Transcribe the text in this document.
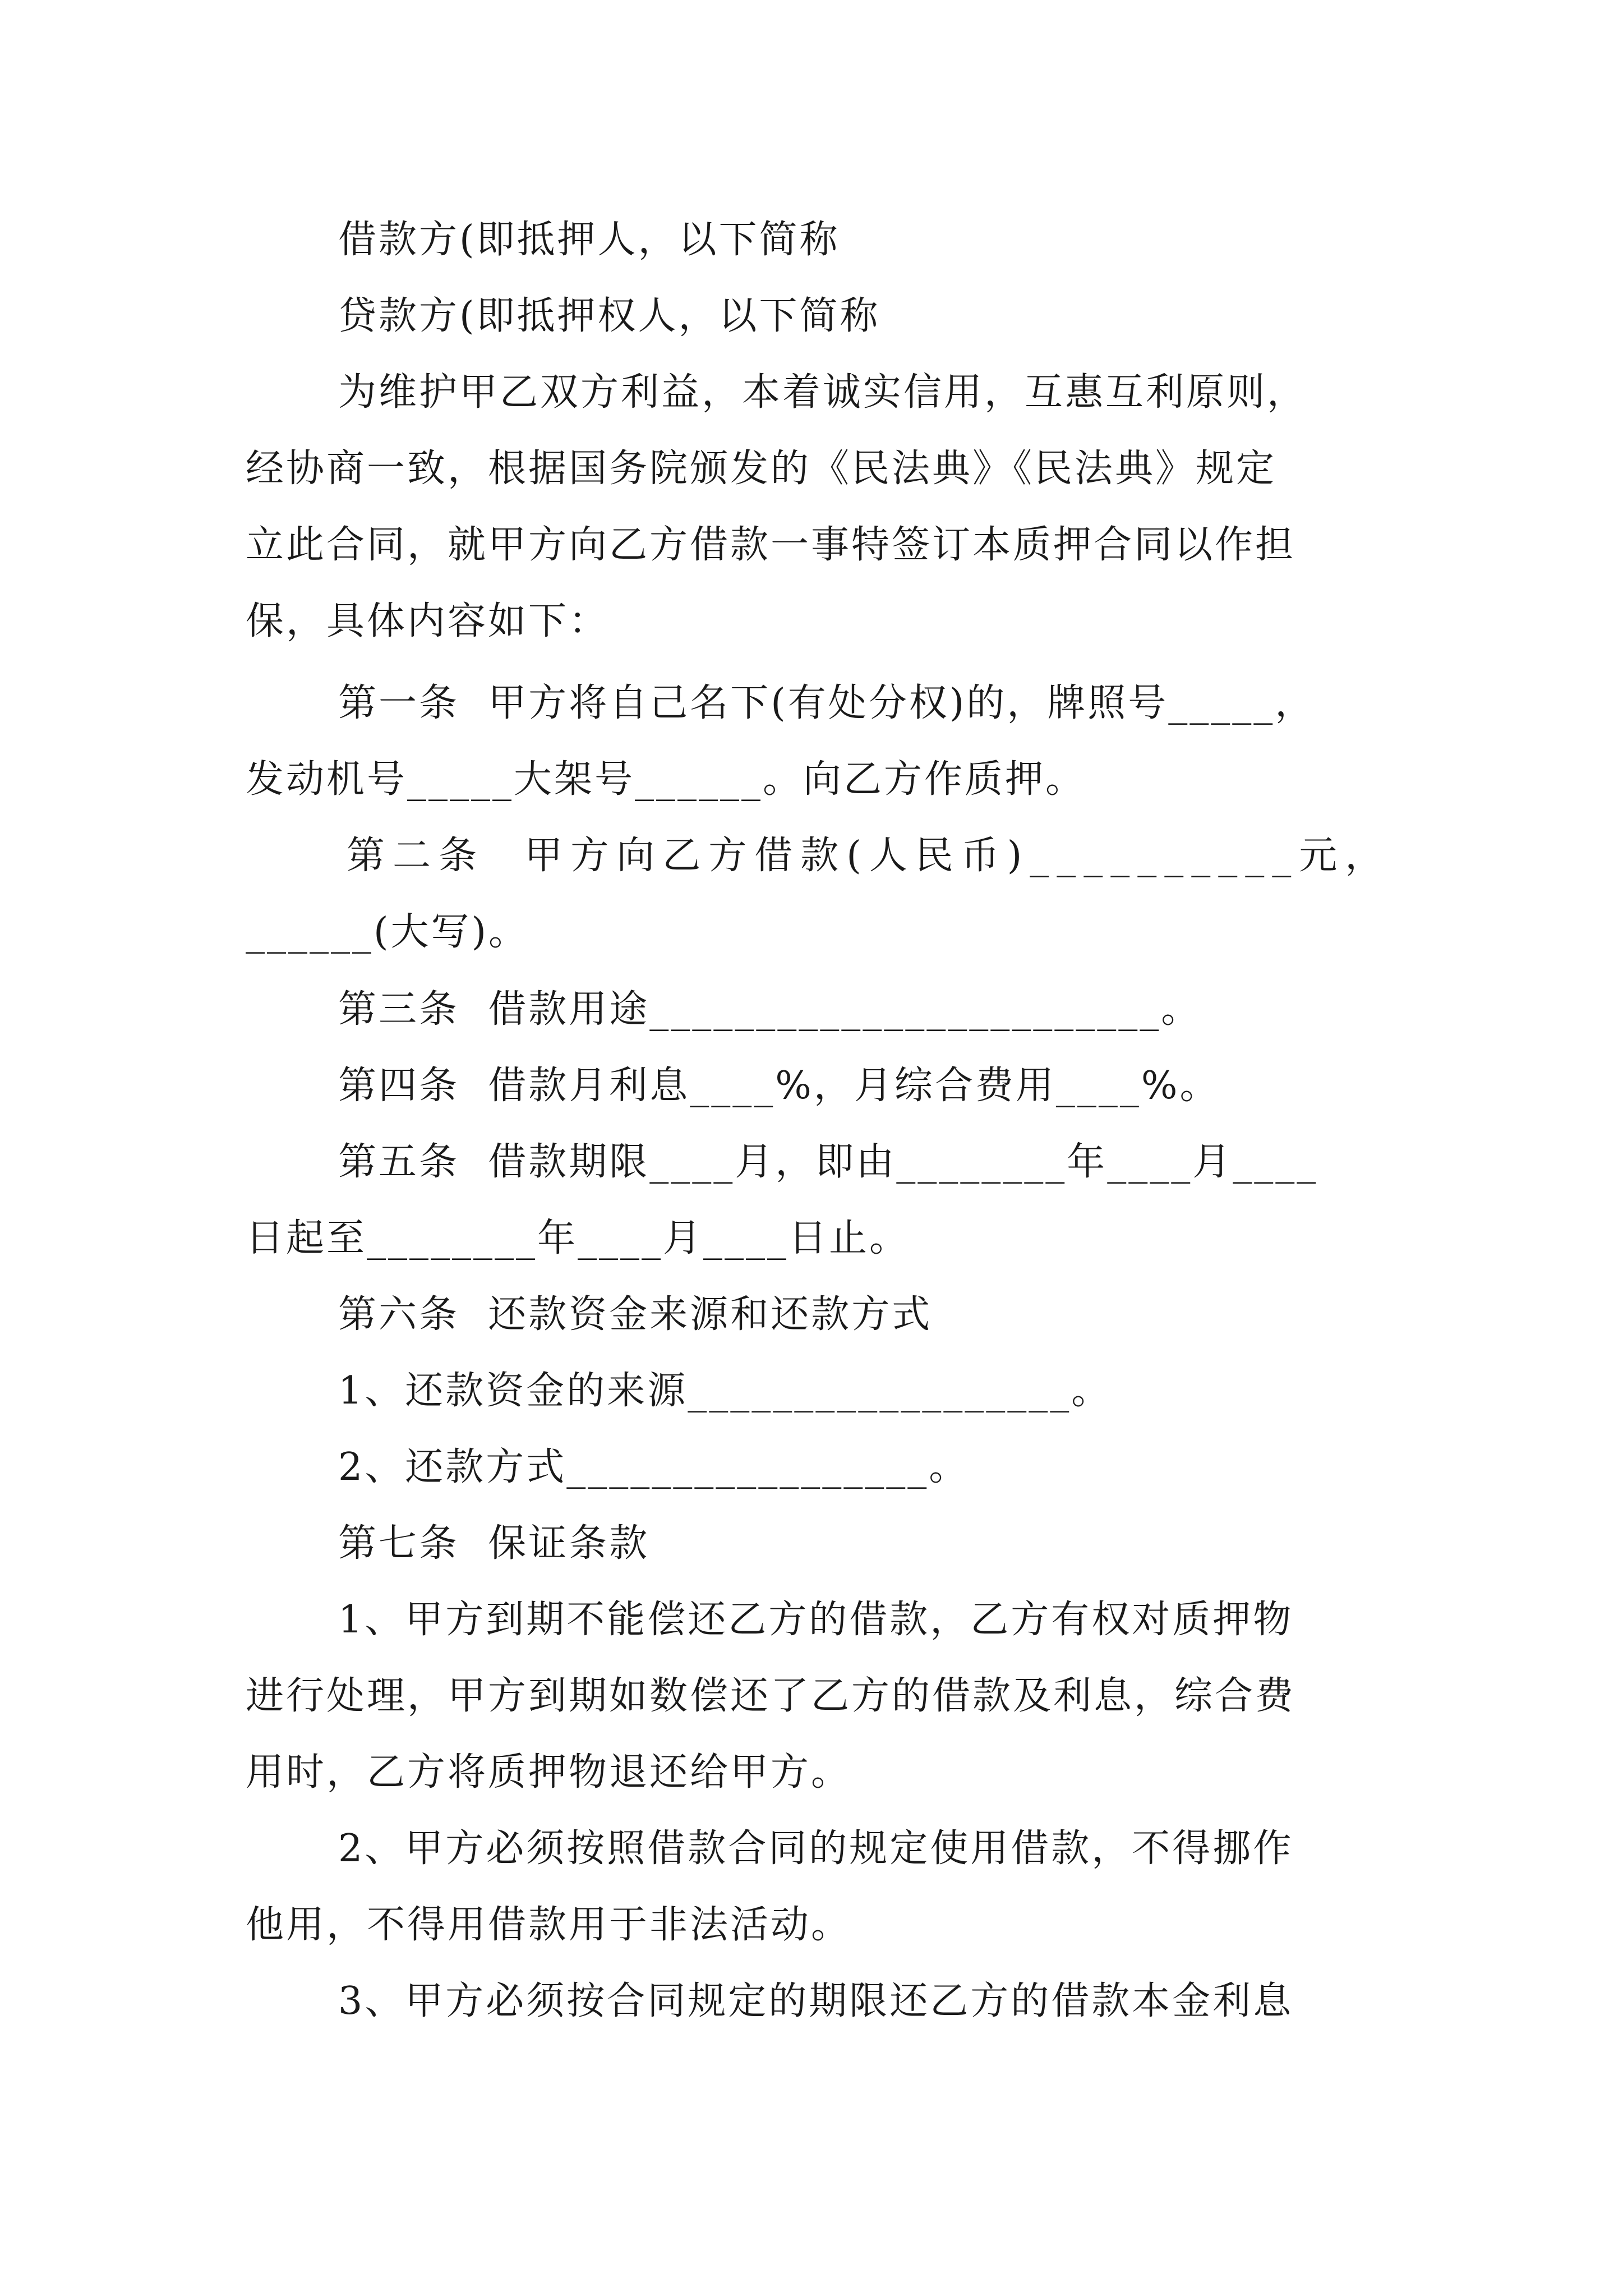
借款方(即抵押人，以下简称
贷款方(即抵押权人，以下简称
为维护甲乙双方利益，本着诚实信用，互惠互利原则，
经协商一致，根据国务院颁发的《民法典》《民法典》规定
立此合同，就甲方向乙方借款一事特签订本质押合同以作担
保，具体内容如下：
第一条  甲方将自己名下(有处分权)的，牌照号_____，
发动机号_____大架号______。向乙方作质押。
第二条  甲方向乙方借款(人民币)__________元，
______(大写)。
第三条  借款用途________________________。
第四条  借款月利息____%，月综合费用____%。
第五条  借款期限____月，即由________年____月____
日起至________年____月____日止。
第六条  还款资金来源和还款方式
1、还款资金的来源__________________。
2、还款方式_________________。
第七条  保证条款
1、甲方到期不能偿还乙方的借款，乙方有权对质押物
进行处理，甲方到期如数偿还了乙方的借款及利息，综合费
用时，乙方将质押物退还给甲方。
2、甲方必须按照借款合同的规定使用借款，不得挪作
他用，不得用借款用于非法活动。
3、甲方必须按合同规定的期限还乙方的借款本金利息
